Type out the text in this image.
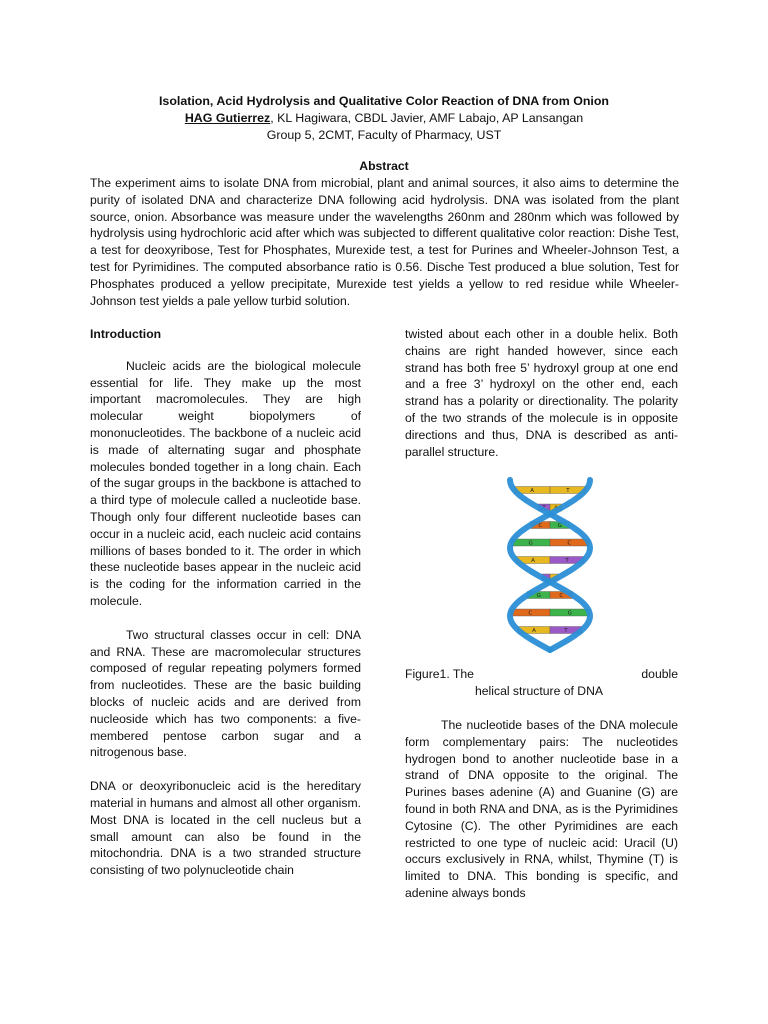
Isolation, Acid Hydrolysis and Qualitative Color Reaction of DNA from Onion
HAG Gutierrez, KL Hagiwara, CBDL Javier, AMF Labajo, AP Lansangan
Group 5, 2CMT, Faculty of Pharmacy, UST
Abstract
The experiment aims to isolate DNA from microbial, plant and animal sources, it also aims to determine the purity of isolated DNA and characterize DNA following acid hydrolysis. DNA was isolated from the plant source, onion. Absorbance was measure under the wavelengths 260nm and 280nm which was followed by hydrolysis using hydrochloric acid after which was subjected to different qualitative color reaction: Dishe Test, a test for deoxyribose, Test for Phosphates, Murexide test, a test for Purines and Wheeler-Johnson Test, a test for Pyrimidines. The computed absorbance ratio is 0.56. Dische Test produced a blue solution, Test for Phosphates produced a yellow precipitate, Murexide test yields a yellow to red residue while Wheeler-Johnson test yields a pale yellow turbid solution.

Introduction

Nucleic acids are the biological molecule essential for life. They make up the most important macromolecules. They are high molecular weight biopolymers of mononucleotides. The backbone of a nucleic acid is made of alternating sugar and phosphate molecules bonded together in a long chain. Each of the sugar groups in the backbone is attached to a third type of molecule called a nucleotide base. Though only four different nucleotide bases can occur in a nucleic acid, each nucleic acid contains millions of bases bonded to it. The order in which these nucleotide bases appear in the nucleic acid is the coding for the information carried in the molecule.

Two structural classes occur in cell: DNA and RNA. These are macromolecular structures composed of regular repeating polymers formed from nucleotides. These are the basic building blocks of nucleic acids and are derived from nucleoside which has two components: a five-membered pentose carbon sugar and a nitrogenous base.

DNA or deoxyribonucleic acid is the hereditary material in humans and almost all other organism. Most DNA is located in the cell nucleus but a small amount can also be found in the mitochondria. DNA is a two stranded structure consisting of two polynucleotide chain

twisted about each other in a double helix. Both chains are right handed however, since each strand has both free 5’ hydroxyl group at one end and a free 3’ hydroxyl on the other end, each strand has a polarity or directionality. The polarity of the two strands of the molecule is in opposite directions and thus, DNA is described as anti-parallel structure.

A	T
T A
C	G
G	C
A	T
G	C
C	G
A	T

Figure1. The	double

helical structure of DNA

The nucleotide bases of the DNA molecule form complementary pairs: The nucleotides hydrogen bond to another nucleotide base in a strand of DNA opposite to the original. The Purines bases adenine (A) and Guanine (G) are found in both RNA and DNA, as is the Pyrimidines Cytosine (C). The other Pyrimidines are each restricted to one type of nucleic acid: Uracil (U) occurs exclusively in RNA, whilst, Thymine (T) is limited to DNA. This bonding is specific, and adenine always bonds
